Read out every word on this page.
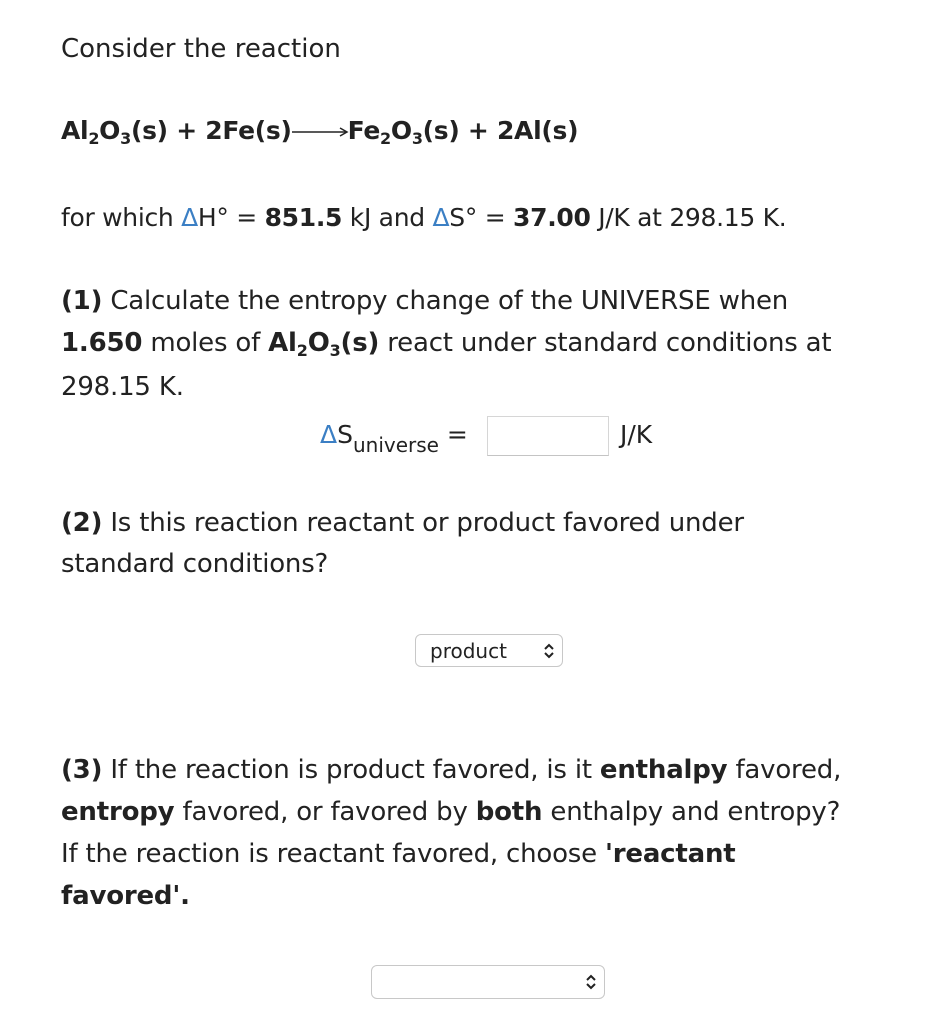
Consider the reaction
$Al_2O_3(s) + 2Fe(s) Fe_2O_3(s) + 2Al(s)$
for which ΔH° = 851.5 kJ and ΔS° = 37.00 J/K at 298.15 K.
(1) Calculate the entropy change of the UNIVERSE when
1.650 moles of $Al_2O_3(s)$ react under standard conditions at
298.15 K.
$\Delta S_{universe}$ =	J/K
(2) Is this reaction reactant or product favored under
standard conditions?
product
(3) If the reaction is product favored, is it enthalpy favored,
entropy favored, or favored by both enthalpy and entropy?
If the reaction is reactant favored, choose 'reactant
favored'.
